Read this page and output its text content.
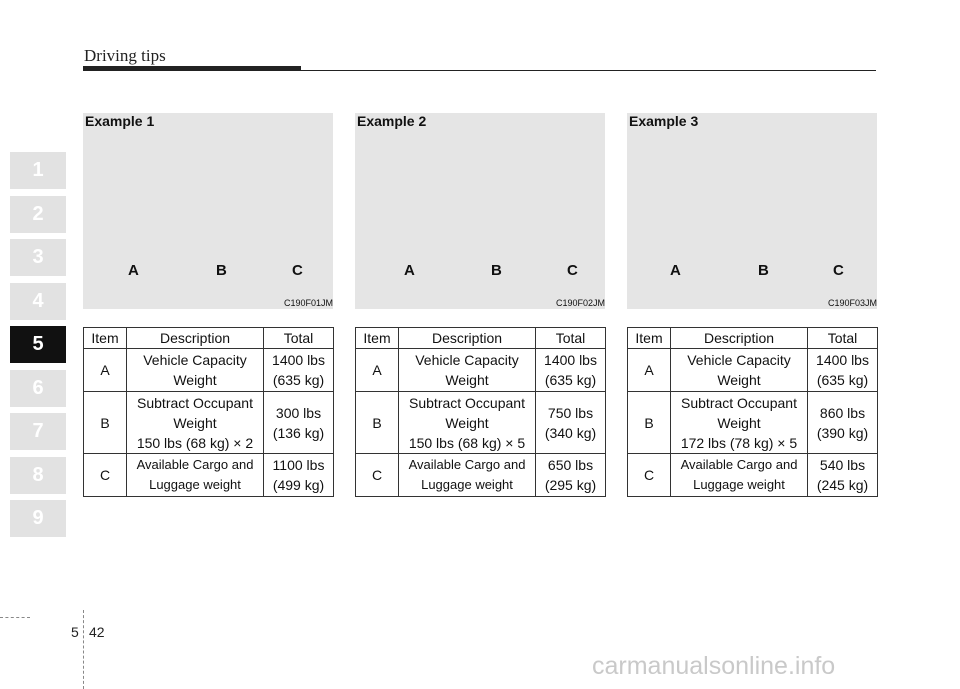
Driving tips
1
2
3
4
5
6
7
8
9
Example 1
A	B	C
C190F01JM
Item	Description	Total
A	Vehicle Capacity
Weight	1400 lbs
(635 kg)
B	Subtract Occupant
Weight
150 lbs (68 kg) × 2	300 lbs
(136 kg)
C	Available Cargo and
Luggage weight	1100 lbs
(499 kg)
Example 2
A	B	C
C190F02JM
Item	Description	Total
A	Vehicle Capacity
Weight	1400 lbs
(635 kg)
B	Subtract Occupant
Weight
150 lbs (68 kg) × 5	750 lbs
(340 kg)
C	Available Cargo and
Luggage weight	650 lbs
(295 kg)
Example 3
A	B	C
C190F03JM
Item	Description	Total
A	Vehicle Capacity
Weight	1400 lbs
(635 kg)
B	Subtract Occupant
Weight
172 lbs (78 kg) × 5	860 lbs
(390 kg)
C	Available Cargo and
Luggage weight	540 lbs
(245 kg)
5 42
carmanualsonline.info
